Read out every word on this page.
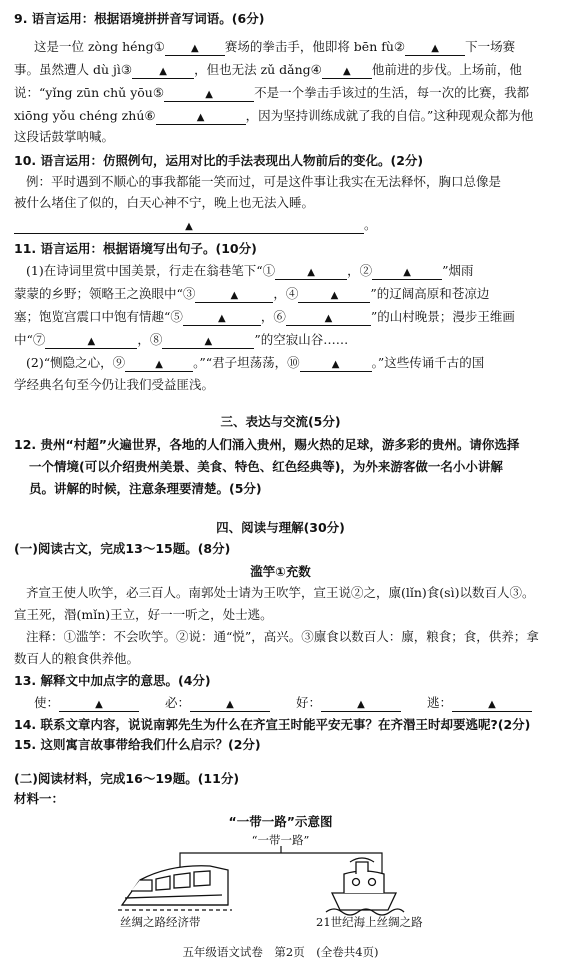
9. 语言运用：根据语境拼拼音写词语。(6分)
这是一位 zòng héng①	▲ 赛场的拳击手，他即将 bēn fù②	▲ 下一场赛
事。虽然遭人 dù jì③	▲ ，但也无法 zǔ dǎng④ ▲ 他前进的步伐。上场前，他
说：“yǐng zūn chǔ yōu⑤	▲	不是一个拳击手该过的生活，每一次的比赛，我都
xiōng yǒu chéng zhú⑥	▲	，因为坚持训练成就了我的自信。”这种现观众都为他
这段话鼓掌呐喊。
10. 语言运用：仿照例句，运用对比的手法表现出人物前后的变化。(2分)
例：平时遇到不顺心的事我都能一笑而过，可是这件事让我实在无法释怀，胸口总像是
被什么堵住了似的，白天心神不宁，晚上也无法入睡。
▲	。
11. 语言运用：根据语境写出句子。(10分)
(1)在诗词里赏中国美景，行走在翁巷笔下“①	▲	，②	▲ ”烟雨
蒙蒙的乡野；领略王之涣眼中“③	▲	，④	▲	”的辽阔高原和苍凉边
塞；饱览宫震口中饱有情趣“⑤	▲	，⑥	▲	”的山村晚景；漫步王维画
中“⑦	▲	，⑧	▲	”的空寂山谷……
(2)“恻隐之心，⑨	▲ 。”“君子坦荡荡，⑩	▲	。”这些传诵千古的国
学经典名句至今仍让我们受益匪浅。
三、表达与交流(5分)
12. 贵州“村超”火遍世界，各地的人们涌入贵州，赐火热的足球，游多彩的贵州。请你选择
一个情境(可以介绍贵州美景、美食、特色、红色经典等)，为外来游客做一名小小讲解
员。讲解的时候，注意条理要清楚。(5分)
四、阅读与理解(30分)
(一)阅读古文，完成13～15题。(8分)
滥竽①充数
齐宣王使人吹竽，必三百人。南郭处士请为王吹竽，宣王说②之，廪(lǐn)食(sì)以数百人③。
宣王死，湣(mǐn)王立，好一一听之，处士逃。
注释：①滥竽：不会吹竽。②说：通“悦”，高兴。③廪食以数百人：廪，粮食；食，供养；拿
数百人的粮食供养他。
13. 解释文中加点字的意思。(4分)
使：	▲	必：	▲	好：	▲	逃：	▲
14. 联系文章内容，说说南郭先生为什么在齐宣王时能平安无事？在齐湣王时却要逃呢?(2分)
15. 这则寓言故事带给我们什么启示？(2分)
(二)阅读材料，完成16～19题。(11分)
材料一：
“一带一路”示意图
“一带一路”
丝绸之路经济带	21世纪海上丝绸之路
五年级语文试卷　第2页　(全卷共4页)
